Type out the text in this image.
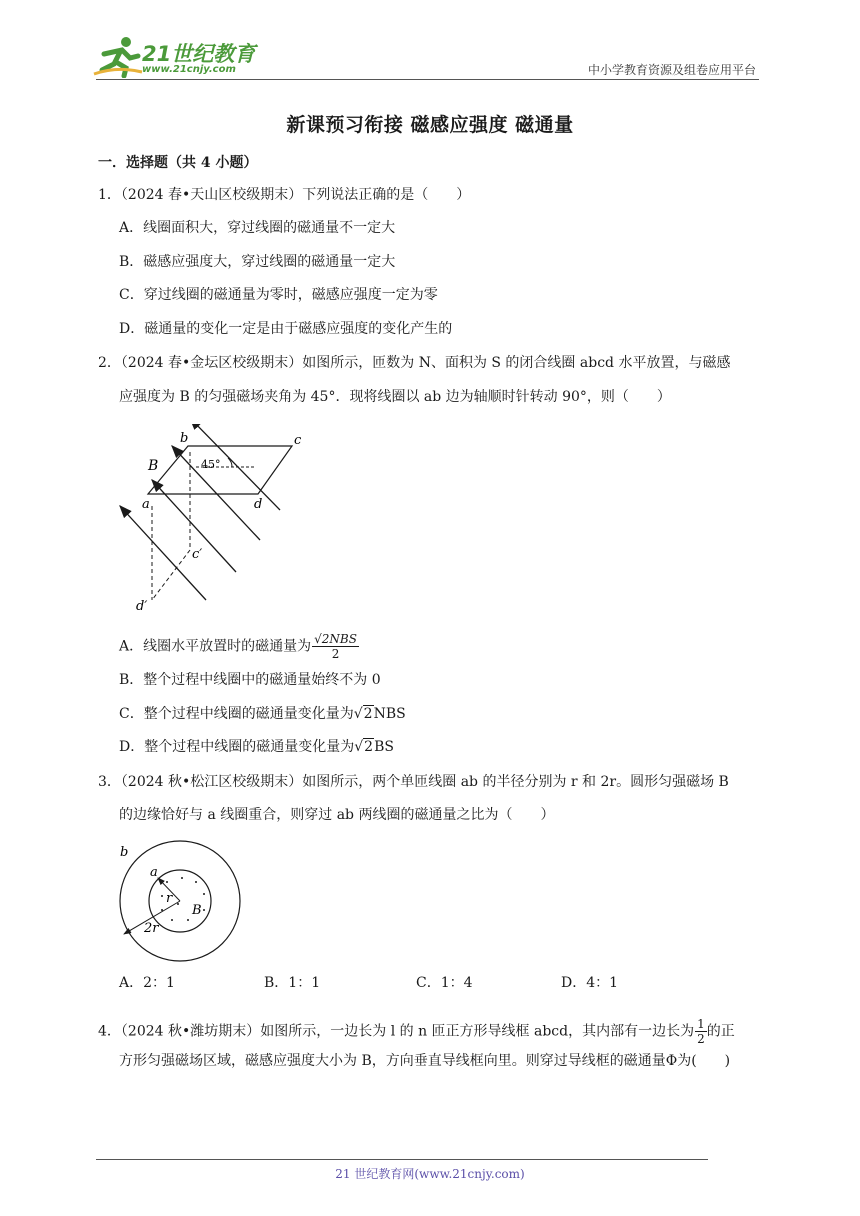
21世纪教育
www.21cnjy.com	中小学教育资源及组卷应用平台
新课预习衔接 磁感应强度 磁通量
一．选择题（共 4 小题）
1．（2024 春•天山区校级期末）下列说法正确的是（　　）
A．线圈面积大，穿过线圈的磁通量不一定大
B．磁感应强度大，穿过线圈的磁通量一定大
C．穿过线圈的磁通量为零时，磁感应强度一定为零
D．磁通量的变化一定是由于磁感应强度的变化产生的
2．（2024 春•金坛区校级期末）如图所示，匝数为 N、面积为 S 的闭合线圈 abcd 水平放置，与磁感
应强度为 B 的匀强磁场夹角为 45°．现将线圈以 ab 边为轴顺时针转动 90°，则（　　）
b	c
B	45°
a	d
c′
d′
A．线圈水平放置时的磁通量为 $\frac{\text{√2NBS}}{2}$
B．整个过程中线圈中的磁通量始终不为 0
C．整个过程中线圈的磁通量变化量为√2NBS
D．整个过程中线圈的磁通量变化量为√2BS
3．（2024 秋•松江区校级期末）如图所示，两个单匝线圈 ab 的半径分别为 r 和 2r。圆形匀强磁场 B
的边缘恰好与 a 线圈重合，则穿过 ab 两线圈的磁通量之比为（　　）
b
a
r
B
2r
A．2：1	B．1：1	C．1：4	D．4：1
4．（2024 秋•潍坊期末）如图所示，一边长为 l 的 n 匝正方形导线框 abcd，其内部有一边长为 $\frac{1}{2}$ 的正
方形匀强磁场区域，磁感应强度大小为 B，方向垂直导线框向里。则穿过导线框的磁通量Φ为(　　)
21 世纪教育网(www.21cnjy.com)
